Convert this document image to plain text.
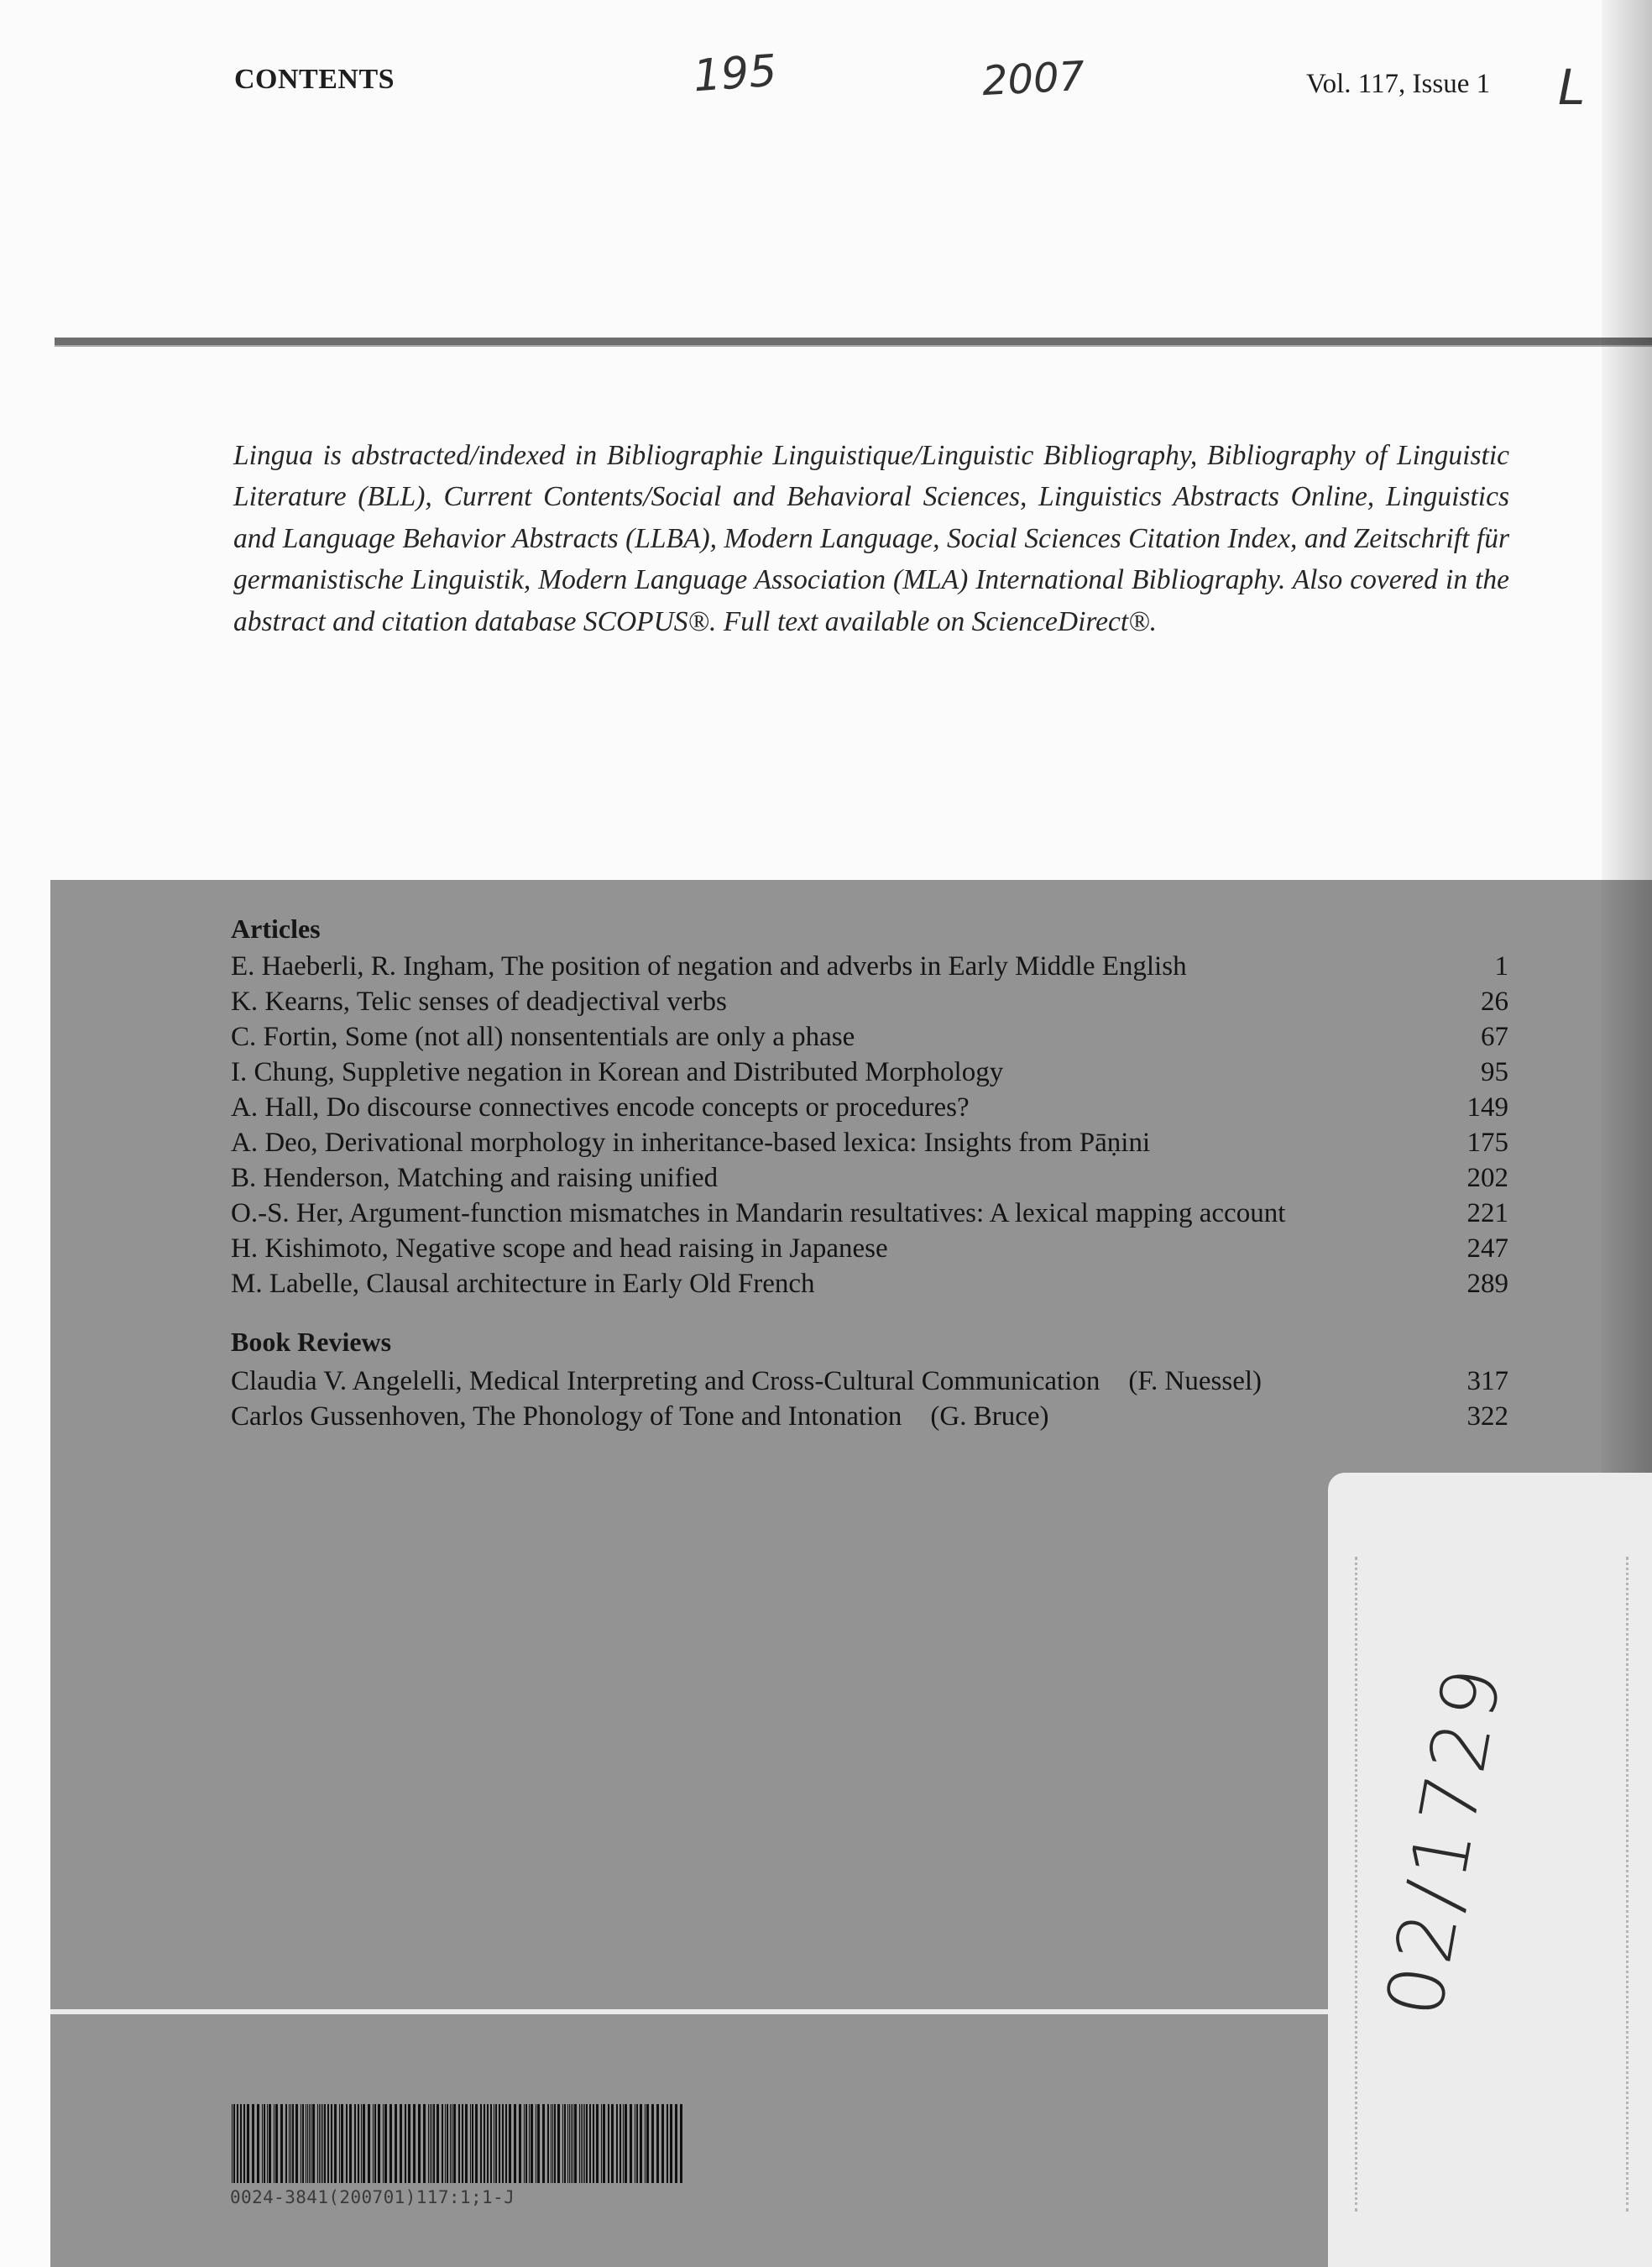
CONTENTS	Vol. 117, Issue 1
195	2007	L

Lingua is abstracted/indexed in Bibliographie Linguistique/Linguistic Bibliography, Bibliography of Linguistic Literature (BLL), Current Contents/Social and Behavioral Sciences, Linguistics Abstracts Online, Linguistics and Language Behavior Abstracts (LLBA), Modern Language, Social Sciences Citation Index, and Zeitschrift für germanistische Linguistik, Modern Language Association (MLA) International Bibliography. Also covered in the abstract and citation database SCOPUS®. Full text available on ScienceDirect®.

Articles
E. Haeberli, R. Ingham, The position of negation and adverbs in Early Middle English	1
K. Kearns, Telic senses of deadjectival verbs	26
C. Fortin, Some (not all) nonsententials are only a phase	67
I. Chung, Suppletive negation in Korean and Distributed Morphology	95
A. Hall, Do discourse connectives encode concepts or procedures?	149
A. Deo, Derivational morphology in inheritance-based lexica: Insights from Pāṇini	175
B. Henderson, Matching and raising unified	202
O.-S. Her, Argument-function mismatches in Mandarin resultatives: A lexical mapping account	221
H. Kishimoto, Negative scope and head raising in Japanese	247
M. Labelle, Clausal architecture in Early Old French	289
Book Reviews
Claudia V. Angelelli, Medical Interpreting and Cross-Cultural Communication (F. Nuessel)	317
Carlos Gussenhoven, The Phonology of Tone and Intonation (G. Bruce)	322
02/1729
0024-3841(200701)117:1;1-J
